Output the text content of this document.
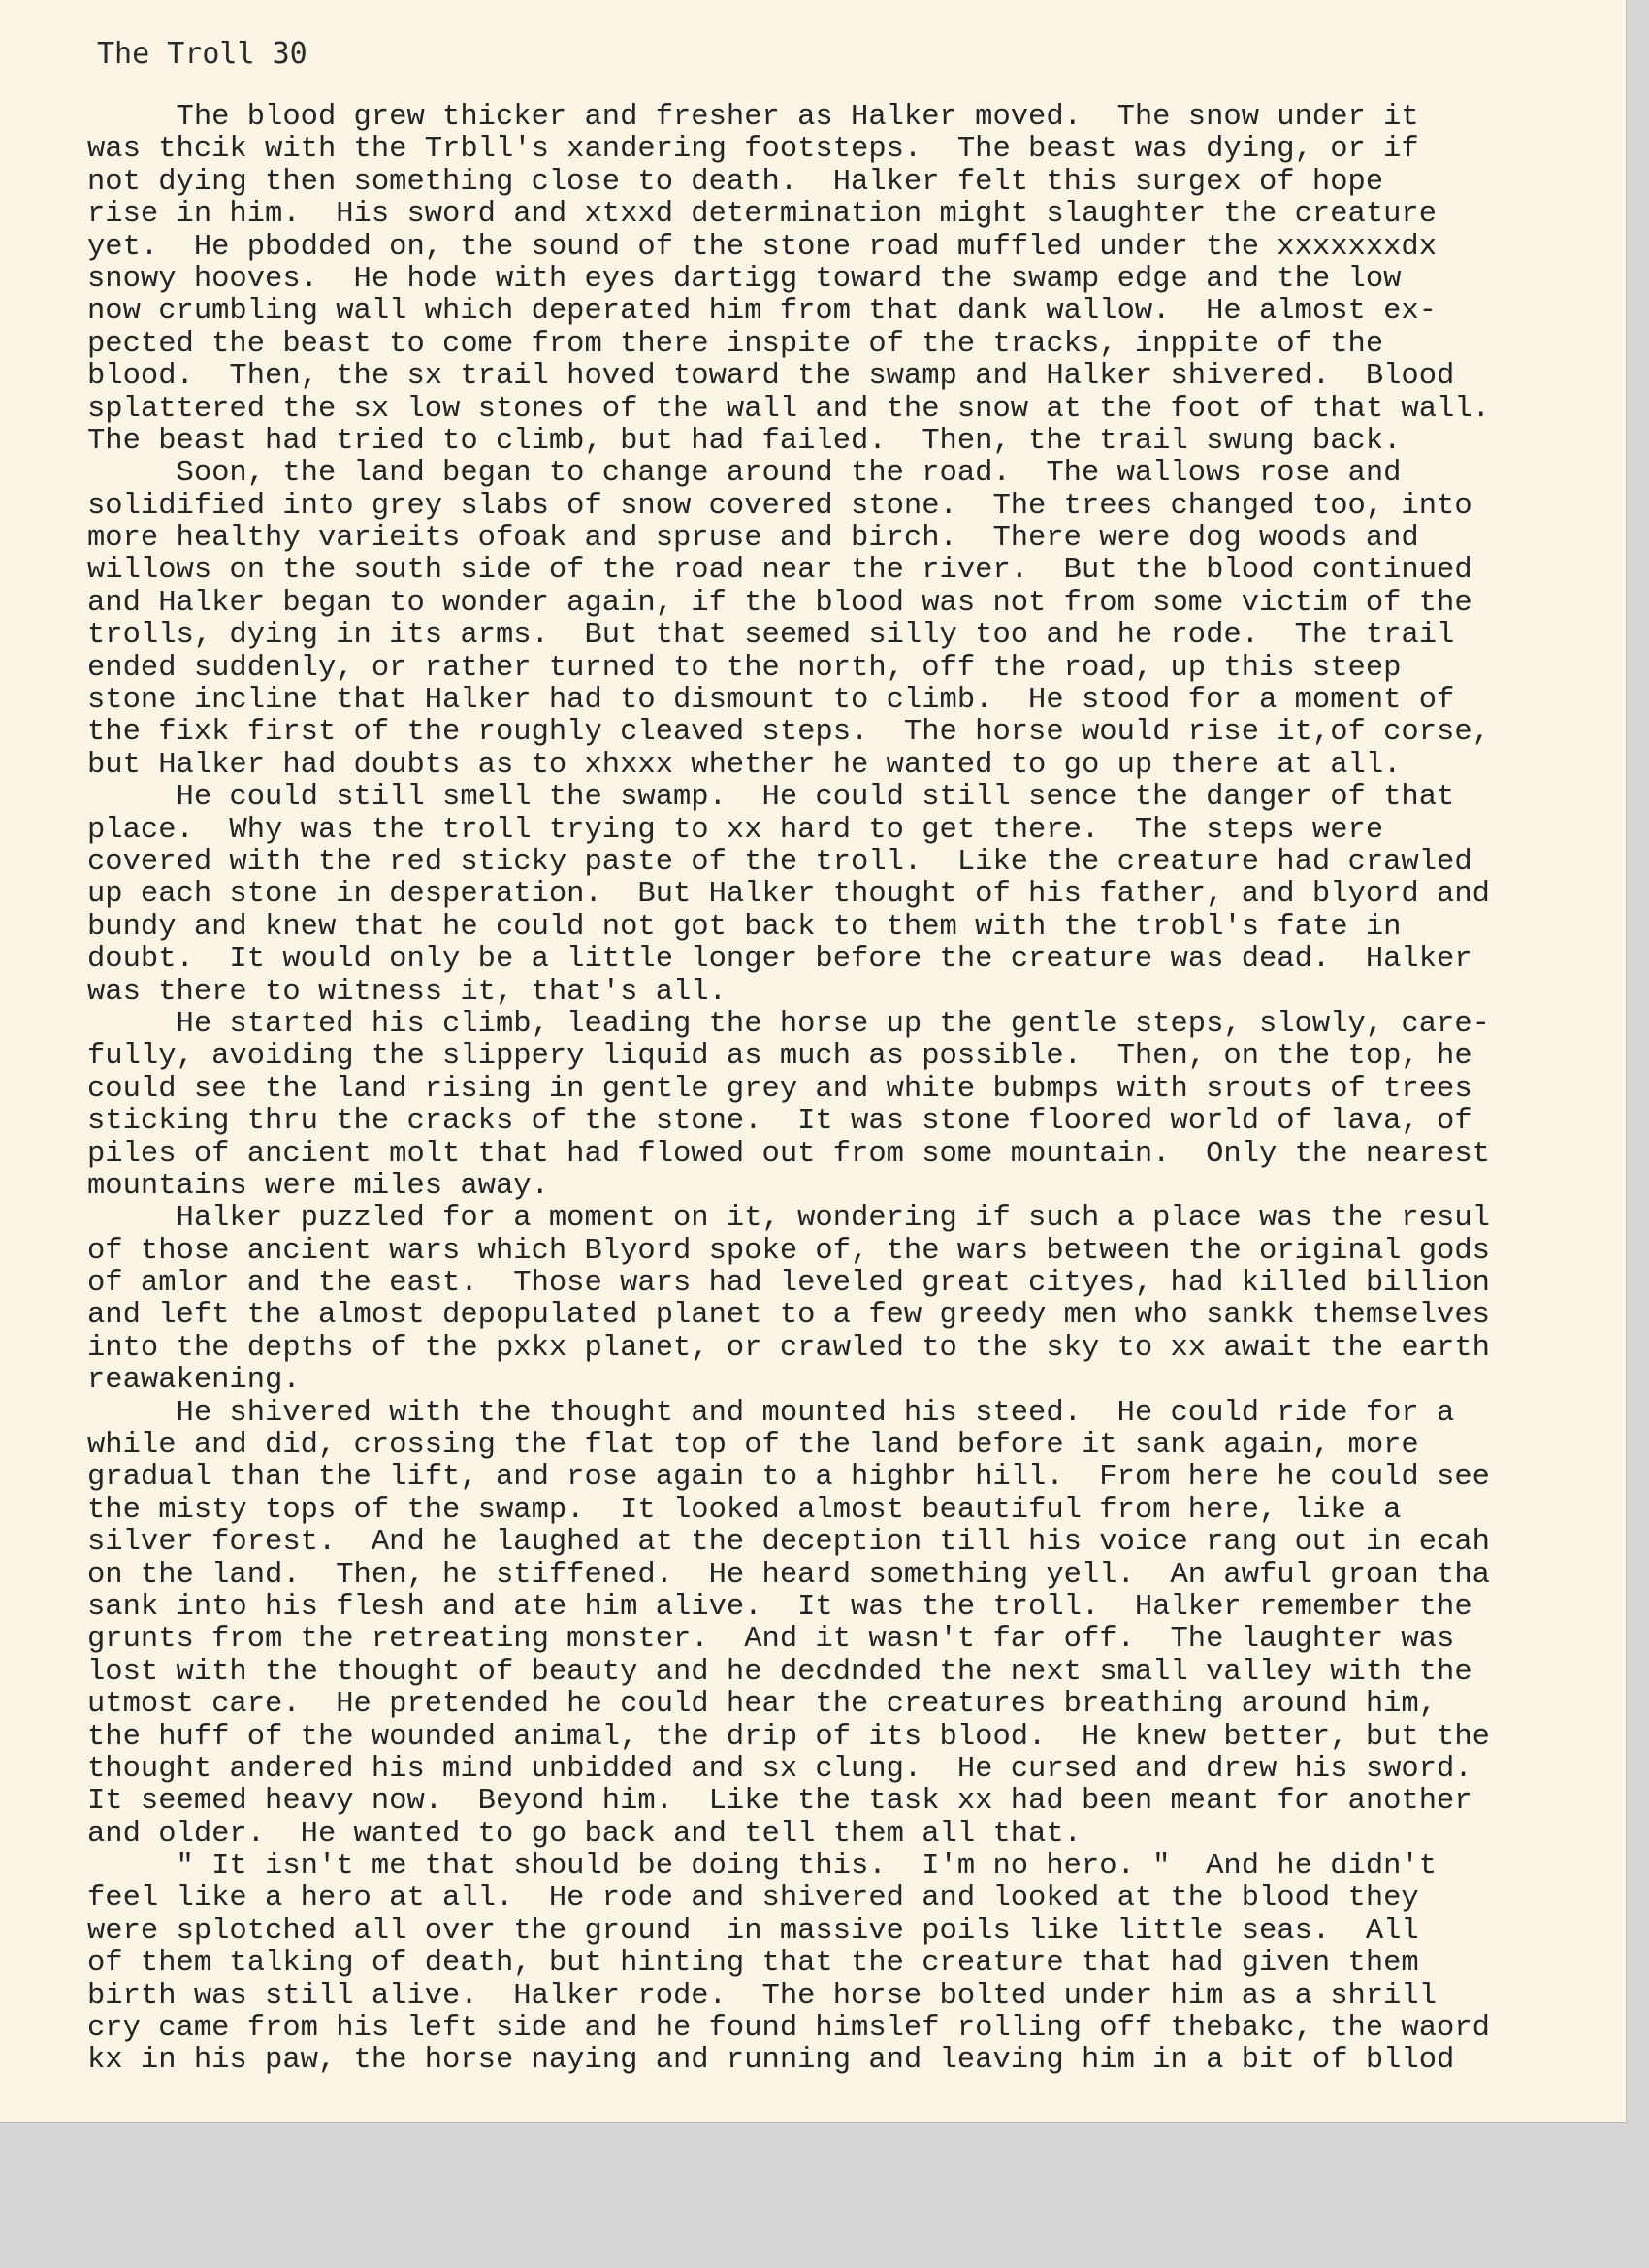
The Troll 30
The blood grew thicker and fresher as Halker moved.  The snow under it
was thcik with the Trbll's xandering footsteps.  The beast was dying, or if
not dying then something close to death.  Halker felt this surgex of hope
rise in him.  His sword and xtxxd determination might slaughter the creature
yet.  He pbodded on, the sound of the stone road muffled under the xxxxxxxdx
snowy hooves.  He hode with eyes dartigg toward the swamp edge and the low
now crumbling wall which deperated him from that dank wallow.  He almost ex-
pected the beast to come from there inspite of the tracks, inppite of the
blood.  Then, the sx trail hoved toward the swamp and Halker shivered.  Blood
splattered the sx low stones of the wall and the snow at the foot of that wall.
The beast had tried to climb, but had failed.  Then, the trail swung back.
Soon, the land began to change around the road.  The wallows rose and
solidified into grey slabs of snow covered stone.  The trees changed too, into
more healthy varieits ofoak and spruse and birch.  There were dog woods and
willows on the south side of the road near the river.  But the blood continued
and Halker began to wonder again, if the blood was not from some victim of the
trolls, dying in its arms.  But that seemed silly too and he rode.  The trail
ended suddenly, or rather turned to the north, off the road, up this steep
stone incline that Halker had to dismount to climb.  He stood for a moment of
the fixk first of the roughly cleaved steps.  The horse would rise it,of corse,
but Halker had doubts as to xhxxx whether he wanted to go up there at all.
He could still smell the swamp.  He could still sence the danger of that
place.  Why was the troll trying to xx hard to get there.  The steps were
covered with the red sticky paste of the troll.  Like the creature had crawled
up each stone in desperation.  But Halker thought of his father, and blyord and
bundy and knew that he could not got back to them with the trobl's fate in
doubt.  It would only be a little longer before the creature was dead.  Halker
was there to witness it, that's all.
He started his climb, leading the horse up the gentle steps, slowly, care-
fully, avoiding the slippery liquid as much as possible.  Then, on the top, he
could see the land rising in gentle grey and white bubmps with srouts of trees
sticking thru the cracks of the stone.  It was stone floored world of lava, of
piles of ancient molt that had flowed out from some mountain.  Only the nearest
mountains were miles away.
Halker puzzled for a moment on it, wondering if such a place was the resul
of those ancient wars which Blyord spoke of, the wars between the original gods
of amlor and the east.  Those wars had leveled great cityes, had killed billion
and left the almost depopulated planet to a few greedy men who sankk themselves
into the depths of the pxkx planet, or crawled to the sky to xx await the earth
reawakening.
He shivered with the thought and mounted his steed.  He could ride for a
while and did, crossing the flat top of the land before it sank again, more
gradual than the lift, and rose again to a highbr hill.  From here he could see
the misty tops of the swamp.  It looked almost beautiful from here, like a
silver forest.  And he laughed at the deception till his voice rang out in ecah
on the land.  Then, he stiffened.  He heard something yell.  An awful groan tha
sank into his flesh and ate him alive.  It was the troll.  Halker remember the
grunts from the retreating monster.  And it wasn't far off.  The laughter was
lost with the thought of beauty and he decdnded the next small valley with the
utmost care.  He pretended he could hear the creatures breathing around him,
the huff of the wounded animal, the drip of its blood.  He knew better, but the
thought andered his mind unbidded and sx clung.  He cursed and drew his sword.
It seemed heavy now.  Beyond him.  Like the task xx had been meant for another
and older.  He wanted to go back and tell them all that.
" It isn't me that should be doing this.  I'm no hero. "  And he didn't
feel like a hero at all.  He rode and shivered and looked at the blood they
were splotched all over the ground  in massive poils like little seas.  All
of them talking of death, but hinting that the creature that had given them
birth was still alive.  Halker rode.  The horse bolted under him as a shrill
cry came from his left side and he found himslef rolling off thebakc, the waord
kx in his paw, the horse naying and running and leaving him in a bit of bllod
